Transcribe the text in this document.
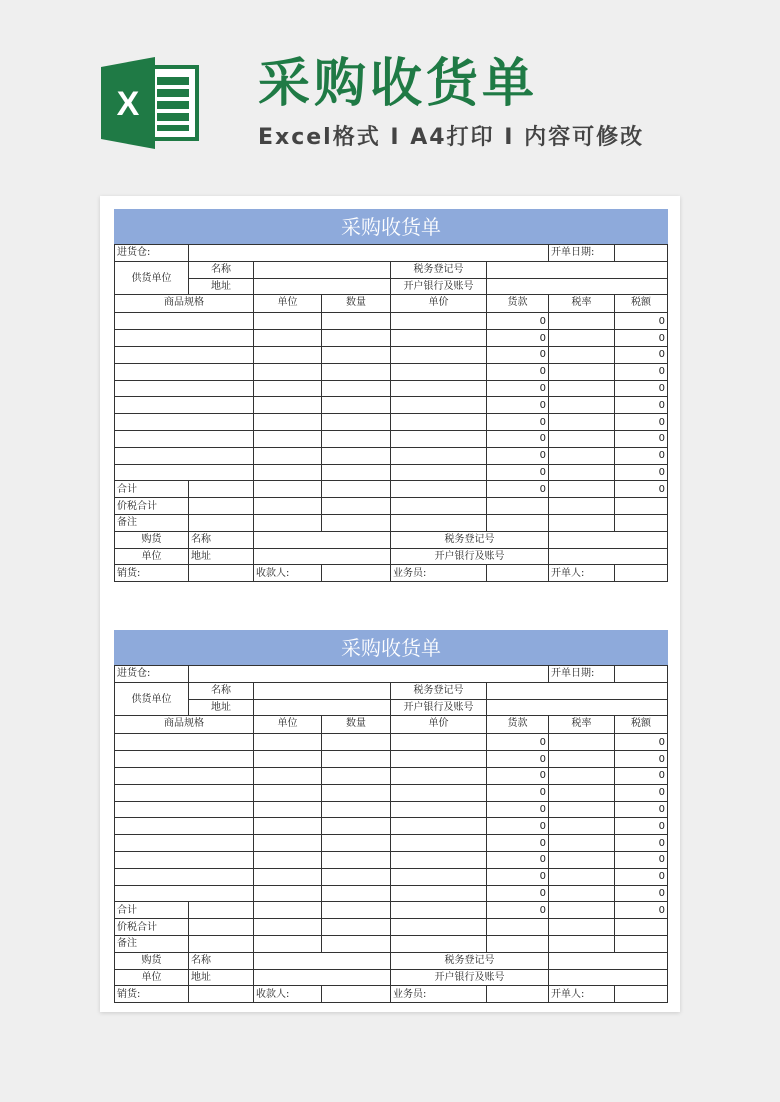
X 采购收货单
Excel格式 I A4打印 I 内容可修改
采购收货单								
进货仓:						开单日期:		
供货单位	名称			税务登记号				
	地址			开户银行及账号				
商品规格		单位	数量	单价	货款	税率	税额	
					0		0	
					0		0	
					0		0	
					0		0	
					0		0	
					0		0	
					0		0	
					0		0	
					0		0	
					0		0	
合计					0		0	
价税合计								
备注								
购货	名称			税务登记号				
单位	地址			开户银行及账号				
销货:		收款人:		业务员:		开单人:		
采购收货单								
进货仓:						开单日期:		
供货单位	名称			税务登记号				
	地址			开户银行及账号				
商品规格		单位	数量	单价	货款	税率	税额	
					0		0	
					0		0	
					0		0	
					0		0	
					0		0	
					0		0	
					0		0	
					0		0	
					0		0	
					0		0	
合计					0		0	
价税合计								
备注								
购货	名称			税务登记号				
单位	地址			开户银行及账号				
销货:		收款人:		业务员:		开单人:		
